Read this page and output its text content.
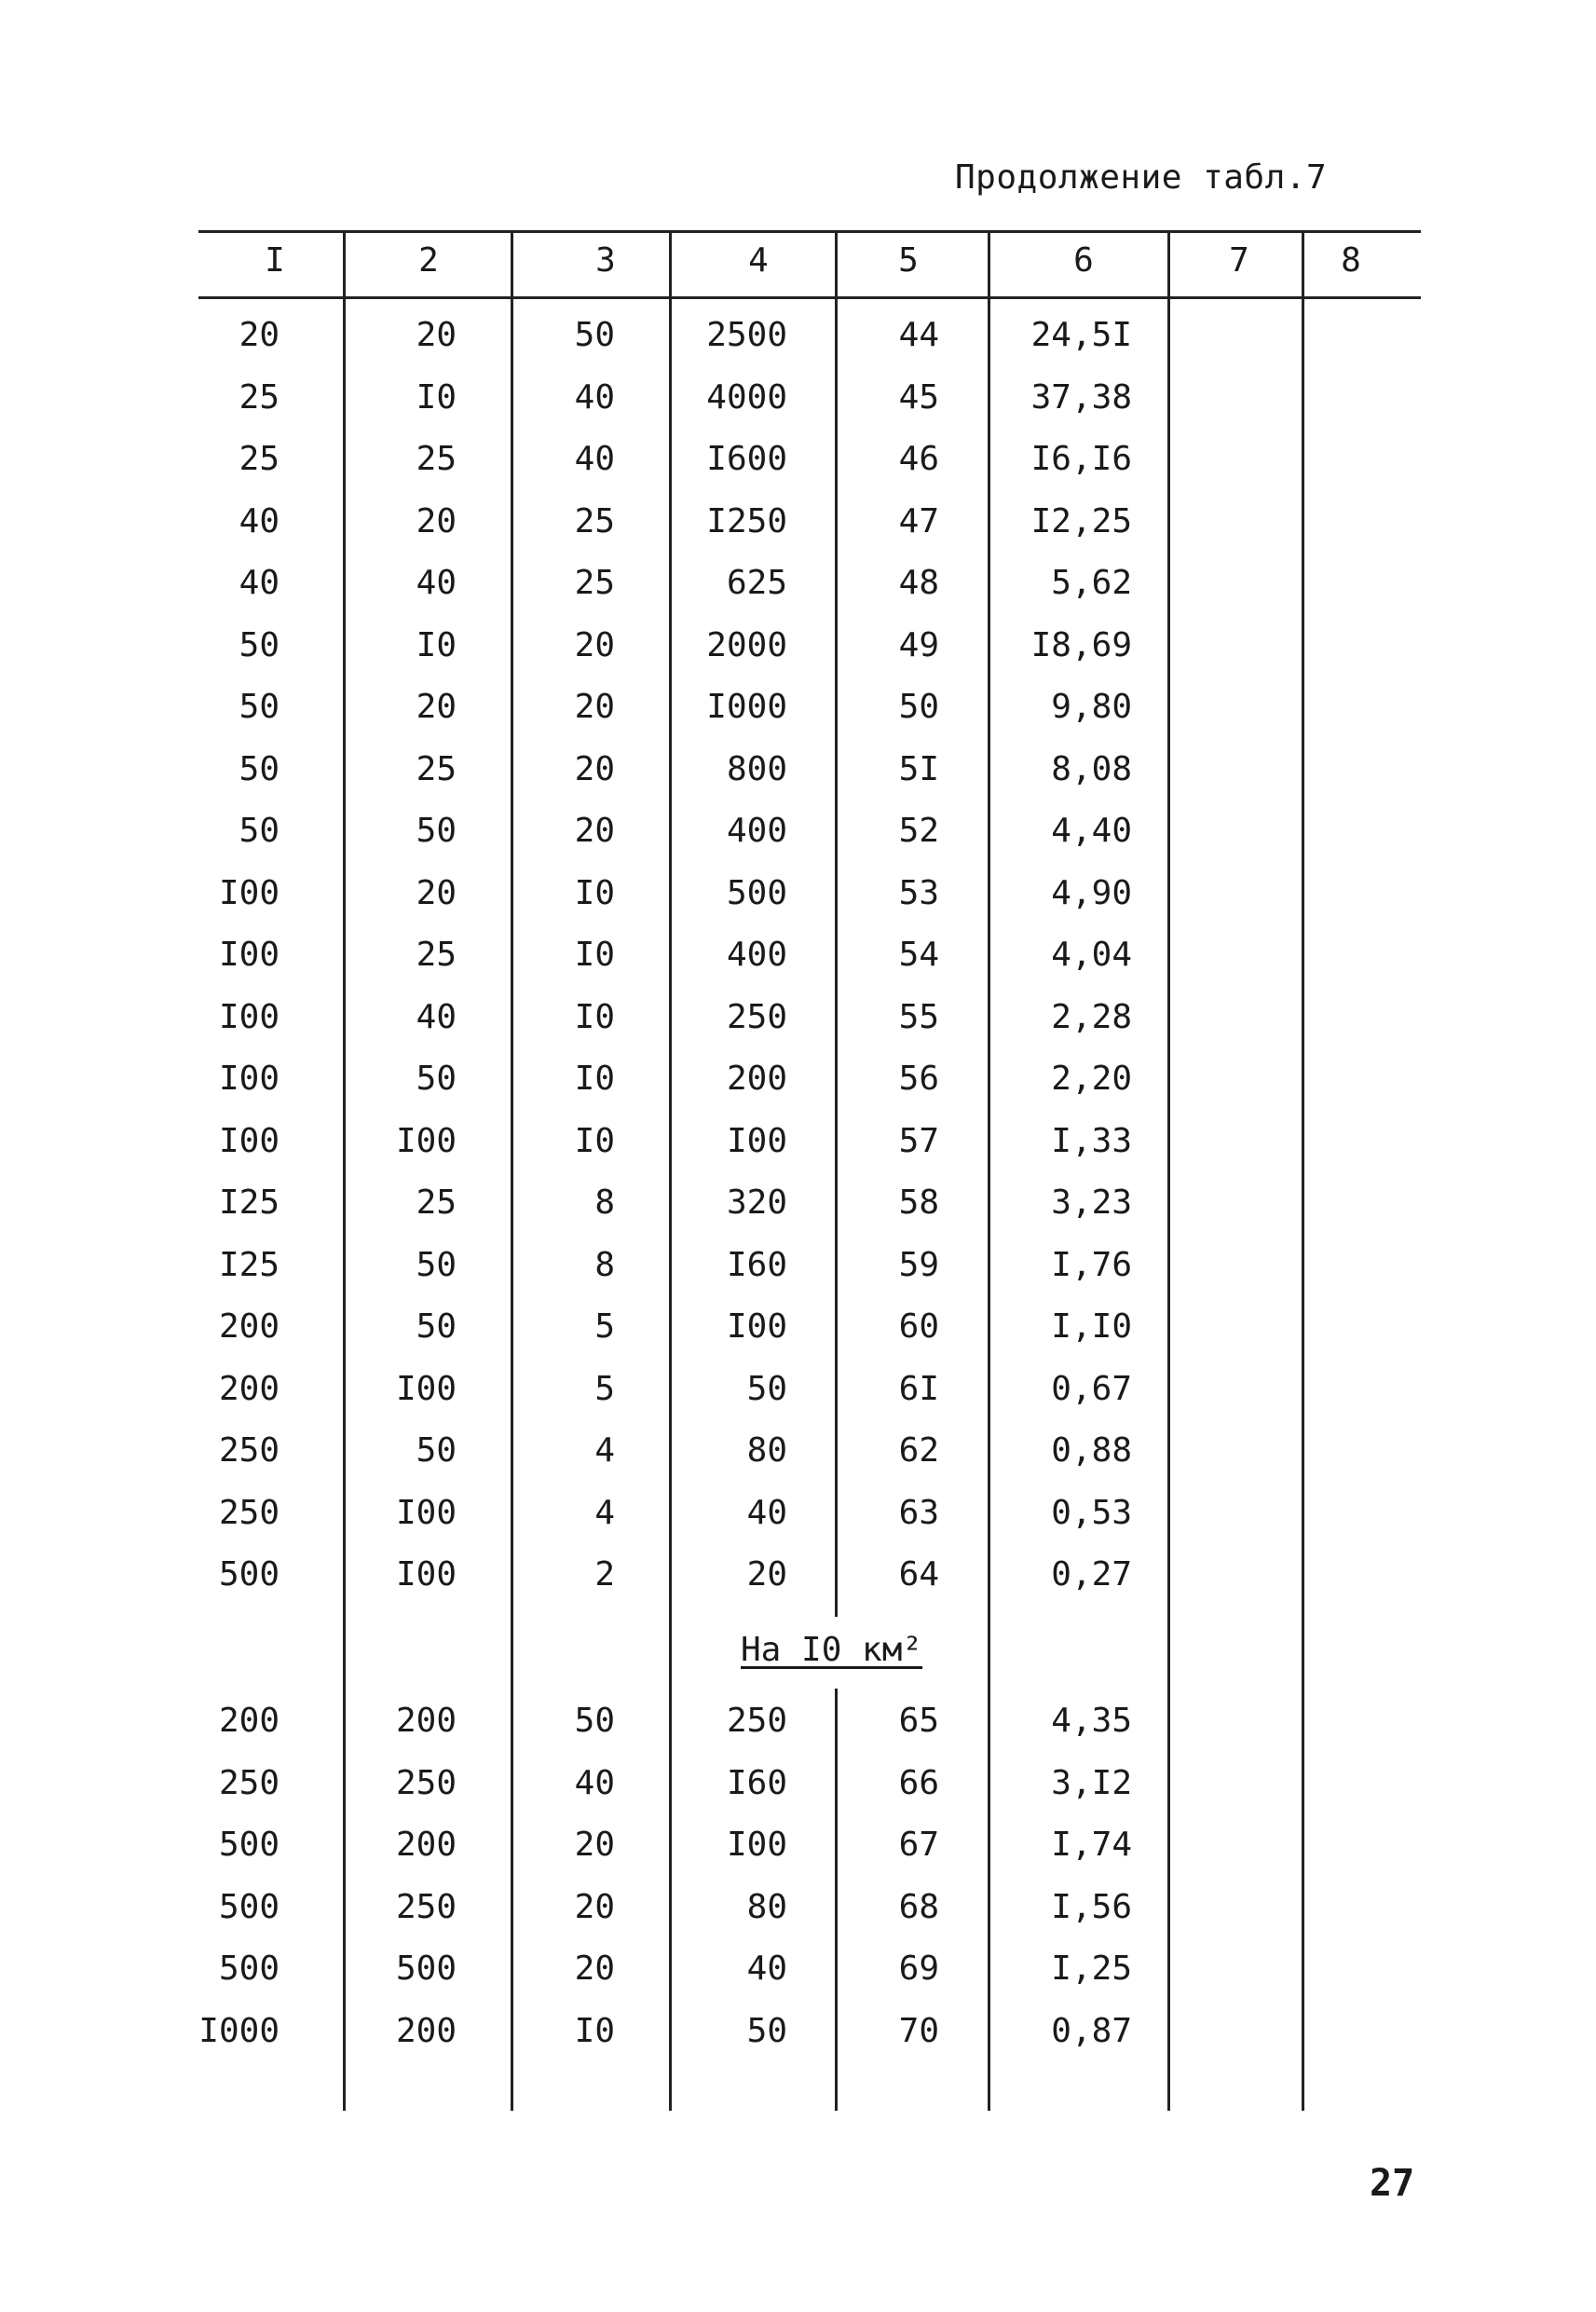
Продолжение табл.7
I	2	3	4	5	6	7	8
20	20	50	2500	44	24,5I
25	I0	40	4000	45	37,38
25	25	40	I600	46	I6,I6
40	20	25	I250	47	I2,25
40	40	25	625	48	5,62
50	I0	20	2000	49	I8,69
50	20	20	I000	50	9,80
50	25	20	800	5I	8,08
50	50	20	400	52	4,40
I00	20	I0	500	53	4,90
I00	25	I0	400	54	4,04
I00	40	I0	250	55	2,28
I00	50	I0	200	56	2,20
I00	I00	I0	I00	57	I,33
I25	25	8	320	58	3,23
I25	50	8	I60	59	I,76
200	50	5	I00	60	I,I0
200	I00	5	50	6I	0,67
250	50	4	80	62	0,88
250	I00	4	40	63	0,53
500	I00	2	20	64	0,27
На I0 км²
200	200	50	250	65	4,35
250	250	40	I60	66	3,I2
500	200	20	I00	67	I,74
500	250	20	80	68	I,56
500	500	20	40	69	I,25
I000	200	I0	50	70	0,87
27
